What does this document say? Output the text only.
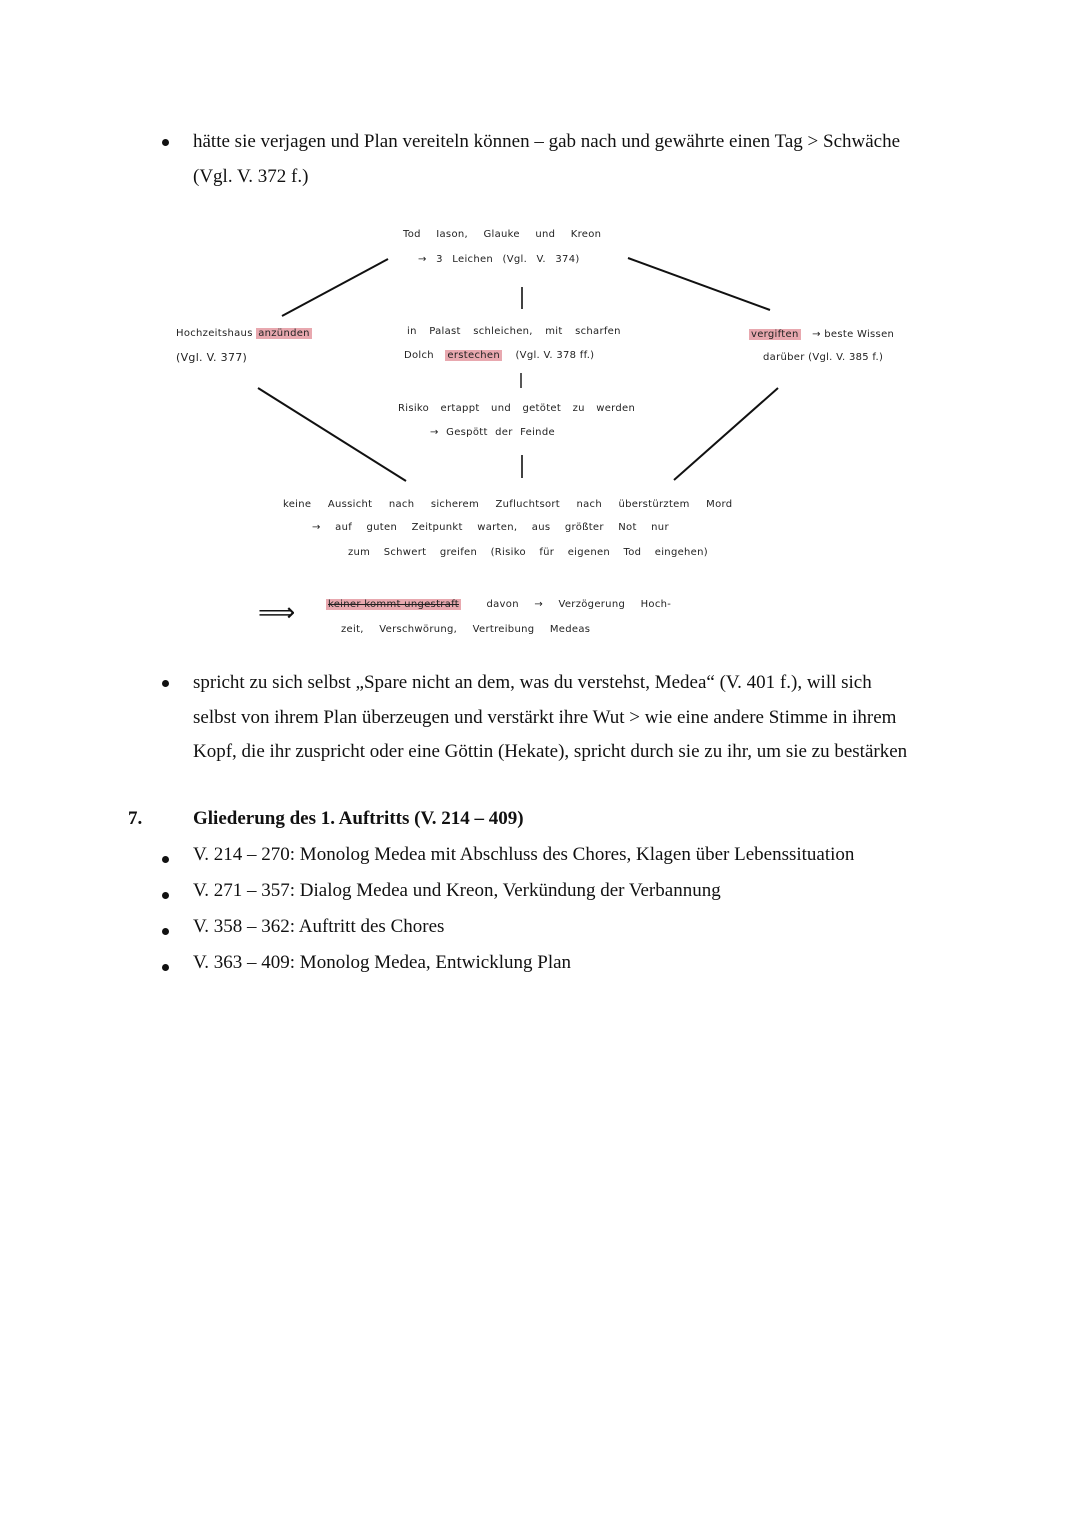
hätte sie verjagen und Plan vereiteln können – gab nach und gewährte einen Tag > Schwäche
(Vgl. V. 372 f.)
Tod Iason, Glauke und Kreon
→ 3 Leichen (Vgl. V. 374)
Hochzeitshaus anzünden
(Vgl. V. 377)
in Palast schleichen, mit scharfen
Dolch erstechen (Vgl. V. 378 ff.)
vergiften → beste Wissen
darüber (Vgl. V. 385 f.)
Risiko ertappt und getötet zu werden
→ Gespött der Feinde
keine Aussicht nach sicherem Zufluchtsort nach überstürztem Mord
→ auf guten Zeitpunkt warten, aus größter Not nur
zum Schwert greifen (Risiko für eigenen Tod eingehen)
⟹	keiner kommt ungestraft	davon → Verzögerung Hoch-
zeit, Verschwörung, Vertreibung Medeas
spricht zu sich selbst „Spare nicht an dem, was du verstehst, Medea“ (V. 401 f.), will sich
selbst von ihrem Plan überzeugen und verstärkt ihre Wut > wie eine andere Stimme in ihrem
Kopf, die ihr zuspricht oder eine Göttin (Hekate), spricht durch sie zu ihr, um sie zu bestärken
7.	Gliederung des 1. Auftritts (V. 214 – 409)
V. 214 – 270: Monolog Medea mit Abschluss des Chores, Klagen über Lebenssituation
V. 271 – 357: Dialog Medea und Kreon, Verkündung der Verbannung
V. 358 – 362: Auftritt des Chores
V. 363 – 409: Monolog Medea, Entwicklung Plan
